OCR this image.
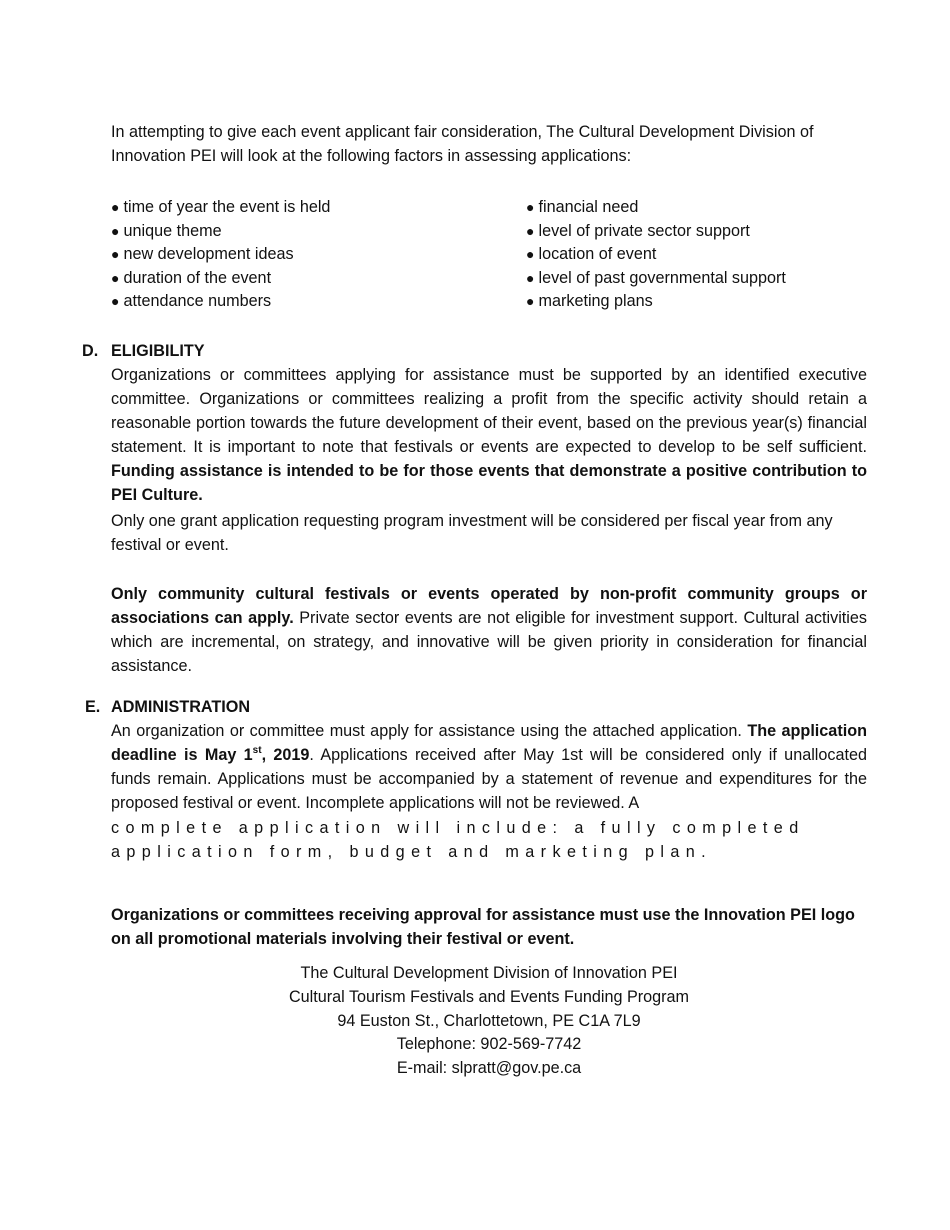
In attempting to give each event applicant fair consideration, The Cultural Development Division of Innovation PEI will look at the following factors in assessing applications:
● time of year the event is held
● unique theme
● new development ideas
● duration of the event
● attendance numbers
● financial need
● level of private sector support
● location of event
● level of past governmental support
● marketing plans
D. ELIGIBILITY
Organizations or committees applying for assistance must be supported by an identified executive committee. Organizations or committees realizing a profit from the specific activity should retain a reasonable portion towards the future development of their event, based on the previous year(s) financial statement. It is important to note that festivals or events are expected to develop to be self sufficient. Funding assistance is intended to be for those events that demonstrate a positive contribution to PEI Culture.
Only one grant application requesting program investment will be considered per fiscal year from any festival or event.
Only community cultural festivals or events operated by non-profit community groups or associations can apply. Private sector events are not eligible for investment support. Cultural activities which are incremental, on strategy, and innovative will be given priority in consideration for financial assistance.
E. ADMINISTRATION
An organization or committee must apply for assistance using the attached application. The application deadline is May 1st, 2019. Applications received after May 1st will be considered only if unallocated funds remain. Applications must be accompanied by a statement of revenue and expenditures for the proposed festival or event. Incomplete applications will not be reviewed. A
complete application will include: a fully completed application form, budget and marketing plan.
Organizations or committees receiving approval for assistance must use the Innovation PEI logo on all promotional materials involving their festival or event.
The Cultural Development Division of Innovation PEI
Cultural Tourism Festivals and Events Funding Program
94 Euston St., Charlottetown, PE C1A 7L9
Telephone: 902-569-7742
E-mail: slpratt@gov.pe.ca
